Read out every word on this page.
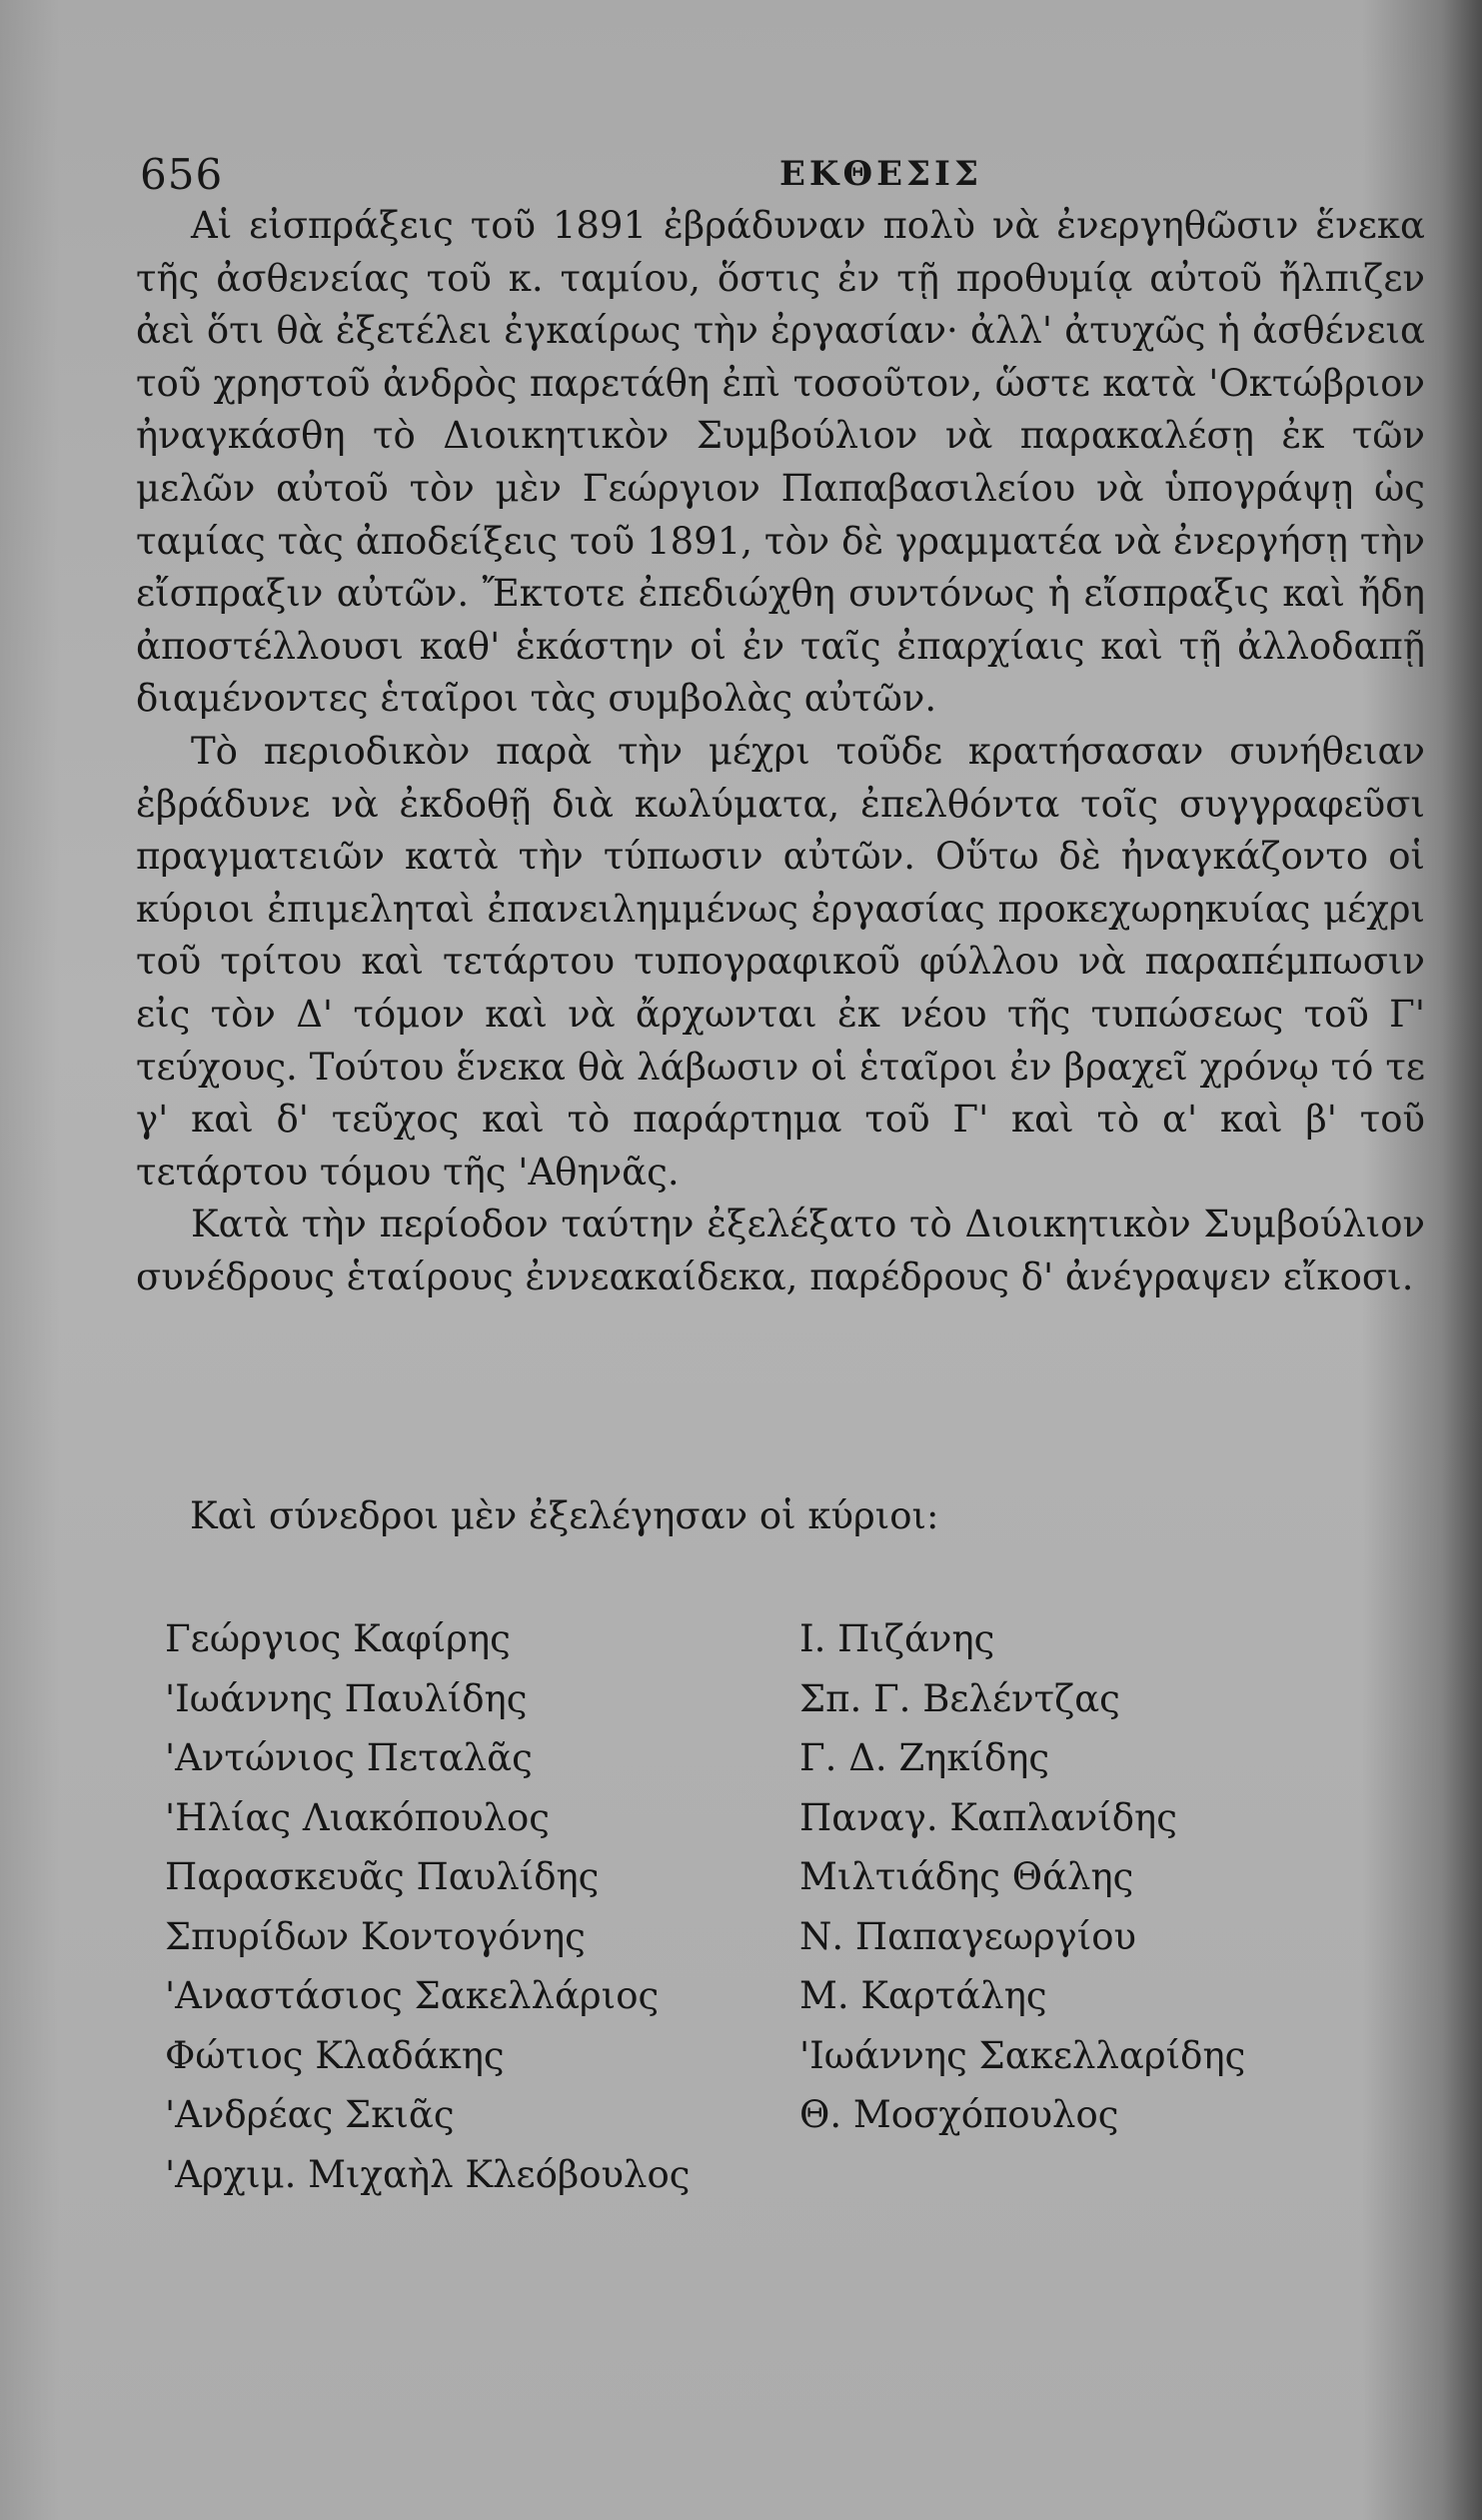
656	ΕΚΘΕΣΙΣ

Αἱ εἰσπράξεις τοῦ 1891 ἐβράδυναν πολὺ νὰ ἐνεργηθῶσιν ἕνεκα τῆς ἀσθενείας τοῦ κ. ταμίου, ὅστις ἐν τῇ προθυμίᾳ αὐτοῦ ἤλπιζεν ἀεὶ ὅτι θὰ ἐξετέλει ἐγκαίρως τὴν ἐργασίαν· ἀλλ' ἀτυχῶς ἡ ἀσθένεια τοῦ χρηστοῦ ἀνδρὸς παρετάθη ἐπὶ τοσοῦτον, ὥστε κατὰ 'Οκτώβριον ἠναγκάσθη τὸ Διοικητικὸν Συμβούλιον νὰ παρακαλέσῃ ἐκ τῶν μελῶν αὐτοῦ τὸν μὲν Γεώργιον Παπαβασιλείου νὰ ὑπογράψῃ ὡς ταμίας τὰς ἀποδείξεις τοῦ 1891, τὸν δὲ γραμματέα νὰ ἐνεργήσῃ τὴν εἴσπραξιν αὐτῶν. Ἔκτοτε ἐπεδιώχθη συντόνως ἡ εἴσπραξις καὶ ἤδη ἀποστέλλουσι καθ' ἑκάστην οἱ ἐν ταῖς ἐπαρχίαις καὶ τῇ ἀλλοδαπῇ διαμένοντες ἑταῖροι τὰς συμβολὰς αὐτῶν.

Τὸ περιοδικὸν παρὰ τὴν μέχρι τοῦδε κρατήσασαν συνήθειαν ἐβράδυνε νὰ ἐκδοθῇ διὰ κωλύματα, ἐπελθόντα τοῖς συγγραφεῦσι πραγματειῶν κατὰ τὴν τύπωσιν αὐτῶν. Οὕτω δὲ ἠναγκάζοντο οἱ κύριοι ἐπιμεληταὶ ἐπανειλημμένως ἐργασίας προκεχωρηκυίας μέχρι τοῦ τρίτου καὶ τετάρτου τυπογραφικοῦ φύλλου νὰ παραπέμπωσιν εἰς τὸν Δ' τόμον καὶ νὰ ἄρχωνται ἐκ νέου τῆς τυπώσεως τοῦ Γ' τεύχους. Τούτου ἕνεκα θὰ λάβωσιν οἱ ἑταῖροι ἐν βραχεῖ χρόνῳ τό τε γ' καὶ δ' τεῦχος καὶ τὸ παράρτημα τοῦ Γ' καὶ τὸ α' καὶ β' τοῦ τετάρτου τόμου τῆς 'Αθηνᾶς.

Κατὰ τὴν περίοδον ταύτην ἐξελέξατο τὸ Διοικητικὸν Συμβούλιον συνέδρους ἑταίρους ἐννεακαίδεκα, παρέδρους δ' ἀνέγραψεν εἴκοσι.

Καὶ σύνεδροι μὲν ἐξελέγησαν οἱ κύριοι:
Γεώργιος Καφίρης
'Ιωάννης Παυλίδης
'Αντώνιος Πεταλᾶς
'Ηλίας Λιακόπουλος
Παρασκευᾶς Παυλίδης
Σπυρίδων Κοντογόνης
'Αναστάσιος Σακελλάριος
Φώτιος Κλαδάκης
'Ανδρέας Σκιᾶς
'Αρχιμ. Μιχαὴλ Κλεόβουλος
Ι. Πιζάνης
Σπ. Γ. Βελέντζας
Γ. Δ. Ζηκίδης
Παναγ. Καπλανίδης
Μιλτιάδης Θάλης
Ν. Παπαγεωργίου
Μ. Καρτάλης
'Ιωάννης Σακελλαρίδης
Θ. Μοσχόπουλος
